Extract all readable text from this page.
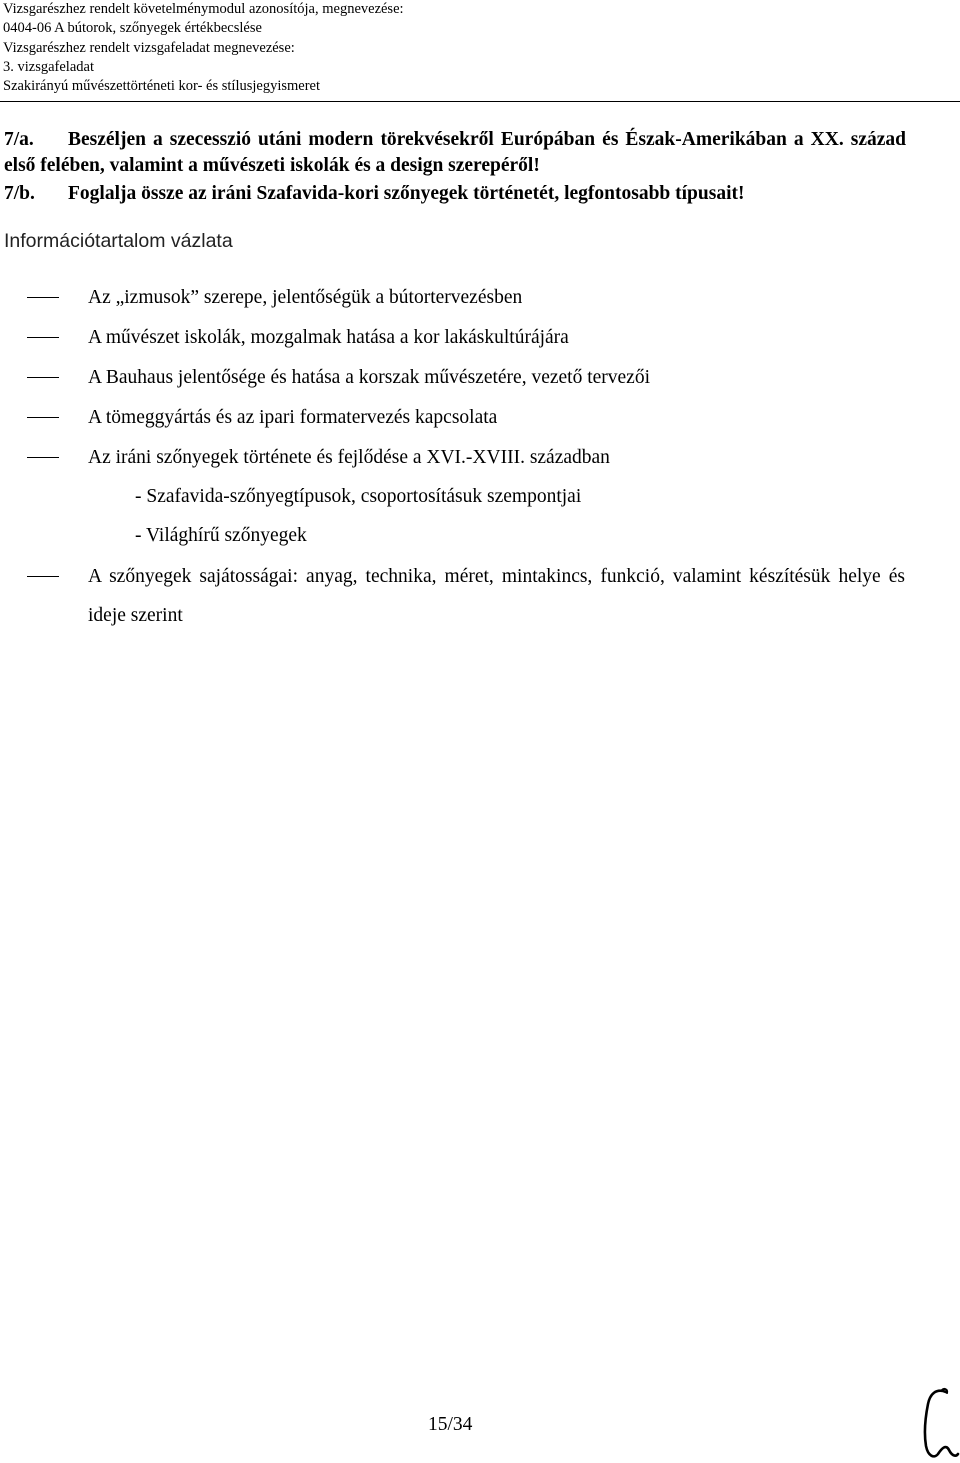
Vizsgarészhez rendelt követelménymodul azonosítója, megnevezése:
0404-06 A bútorok, szőnyegek értékbecslése
Vizsgarészhez rendelt vizsgafeladat megnevezése:
3. vizsgafeladat
Szakirányú művészettörténeti kor- és stílusjegyismeret
7/a. Beszéljen a szecesszió utáni modern törekvésekről Európában és Észak-Amerikában a XX. század első felében, valamint a művészeti iskolák és a design szerepéről!
7/b. Foglalja össze az iráni Szafavida-kori szőnyegek történetét, legfontosabb típusait!
Információtartalom vázlata
Az „izmusok” szerepe, jelentőségük a bútortervezésben
A művészet iskolák, mozgalmak hatása a kor lakáskultúrájára
A Bauhaus jelentősége és hatása a korszak művészetére, vezető tervezői
A tömeggyártás és az ipari formatervezés kapcsolata
Az iráni szőnyegek története és fejlődése a XVI.-XVIII. században
- Szafavida-szőnyegtípusok, csoportosításuk szempontjai
- Világhírű szőnyegek
A szőnyegek sajátosságai: anyag, technika, méret, mintakincs, funkció, valamint készítésük helye és ideje szerint
15/34
